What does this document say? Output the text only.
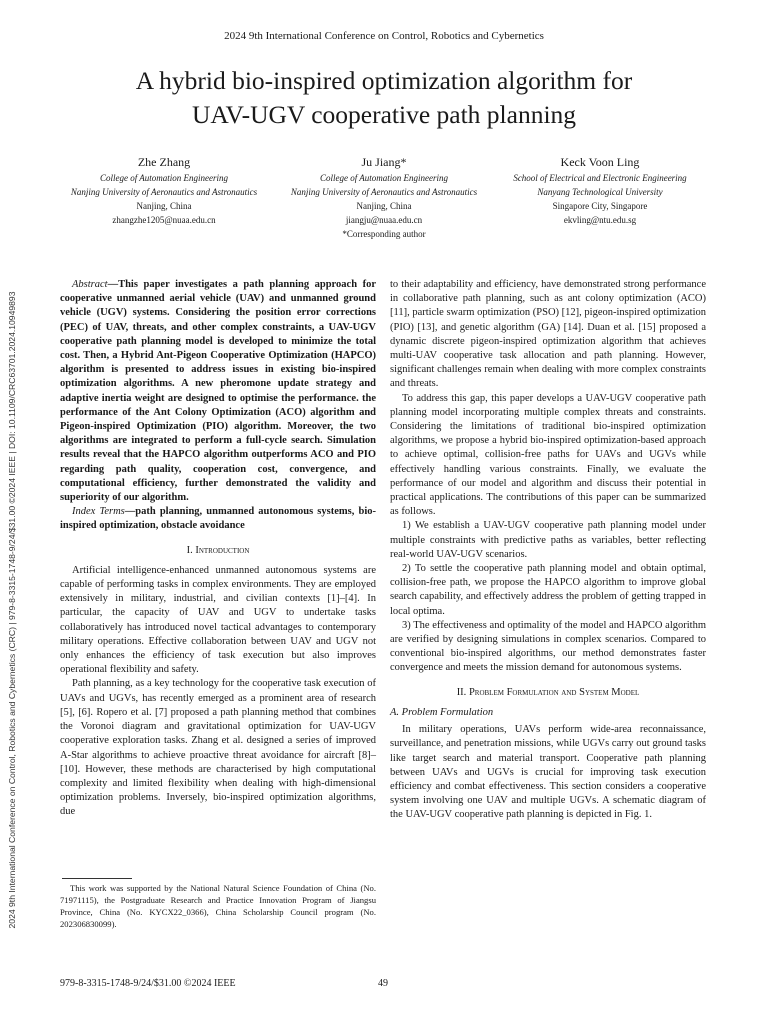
2024 9th International Conference on Control, Robotics and Cybernetics
A hybrid bio-inspired optimization algorithm for
UAV-UGV cooperative path planning
Zhe Zhang
College of Automation Engineering
Nanjing University of Aeronautics and Astronautics
Nanjing, China
zhangzhe1205@nuaa.edu.cn
Ju Jiang*
College of Automation Engineering
Nanjing University of Aeronautics and Astronautics
Nanjing, China
jiangju@nuaa.edu.cn
*Corresponding author
Keck Voon Ling
School of Electrical and Electronic Engineering
Nanyang Technological University
Singapore City, Singapore
ekvling@ntu.edu.sg
2024 9th International Conference on Control, Robotics and Cybernetics (CRC) | 979-8-3315-1748-9/24/$31.00 ©2024 IEEE | DOI: 10.1109/CRC63701.2024.10949893

Abstract—This paper investigates a path planning approach for cooperative unmanned aerial vehicle (UAV) and unmanned ground vehicle (UGV) systems. Considering the position error corrections (PEC) of UAV, threats, and other complex constraints, a UAV-UGV cooperative path planning model is developed to minimize the total cost. Then, a Hybrid Ant-Pigeon Cooperative Optimization (HAPCO) algorithm is presented to address issues in existing bio-inspired optimization algorithms. A new pheromone update strategy and adaptive inertia weight are designed to optimise the performance. the performance of the Ant Colony Optimization (ACO) algorithm and Pigeon-inspired Optimization (PIO) algorithm. Moreover, the two algorithms are integrated to perform a full-cycle search. Simulation results reveal that the HAPCO algorithm outperforms ACO and PIO regarding path quality, cooperation cost, convergence, and computational efficiency, further demonstrated the validity and superiority of our algorithm.

Index Terms—path planning, unmanned autonomous systems, bio-inspired optimization, obstacle avoidance

I. Introduction

Artificial intelligence-enhanced unmanned autonomous systems are capable of performing tasks in complex environments. They are employed extensively in military, industrial, and civilian contexts [1]–[4]. In particular, the capacity of UAV and UGV to undertake tasks collaboratively has introduced novel tactical advantages to contemporary military operations. Effective collaboration between UAV and UGV not only enhances the efficiency of task execution but also improves operational flexibility and safety.

Path planning, as a key technology for the cooperative task execution of UAVs and UGVs, has recently emerged as a prominent area of research [5], [6]. Ropero et al. [7] proposed a path planning method that combines the Voronoi diagram and gravitational optimization for UAV-UGV cooperative exploration tasks. Zhang et al. designed a series of improved A-Star algorithms to achieve proactive threat avoidance for aircraft [8]–[10]. However, these methods are characterised by high computational complexity and limited flexibility when dealing with high-dimensional optimization problems. Inversely, bio-inspired optimization algorithms, due

This work was supported by the National Natural Science Foundation of China (No. 71971115), the Postgraduate Research and Practice Innovation Program of Jiangsu Province, China (No. KYCX22_0366), China Scholarship Council program (No. 202306830099).

to their adaptability and efficiency, have demonstrated strong performance in collaborative path planning, such as ant colony optimization (ACO) [11], particle swarm optimization (PSO) [12], pigeon-inspired optimization (PIO) [13], and genetic algorithm (GA) [14]. Duan et al. [15] proposed a dynamic discrete pigeon-inspired optimization algorithm that achieves multi-UAV cooperative task allocation and path planning. However, significant challenges remain when dealing with more complex constraints and threats.

To address this gap, this paper develops a UAV-UGV cooperative path planning model incorporating multiple complex threats and constraints. Considering the limitations of traditional bio-inspired optimization algorithms, we propose a hybrid bio-inspired optimization-based approach to achieve optimal, collision-free paths for UAVs and UGVs while effectively handling various constraints. Finally, we evaluate the performance of our model and algorithm and discuss their potential in practical applications. The contributions of this paper can be summarized as follows.

1) We establish a UAV-UGV cooperative path planning model under multiple constraints with predictive paths as variables, better reflecting real-world UAV-UGV scenarios.

2) To settle the cooperative path planning model and obtain optimal, collision-free path, we propose the HAPCO algorithm to improve global search capability, and effectively address the problem of getting trapped in local optima.

3) The effectiveness and optimality of the model and HAPCO algorithm are verified by designing simulations in complex scenarios. Compared to conventional bio-inspired algorithms, our method demonstrates faster convergence and meets the mission demand for autonomous systems.

II. Problem Formulation and System Model
A. Problem Formulation

In military operations, UAVs perform wide-area reconnaissance, surveillance, and penetration missions, while UGVs carry out ground tasks like target search and material transport. Cooperative path planning between UAVs and UGVs is crucial for improving task execution efficiency and combat effectiveness. This section considers a cooperative system involving one UAV and multiple UGVs. A schematic diagram of the UAV-UGV cooperative path planning is depicted in Fig. 1.

979-8-3315-1748-9/24/$31.00 ©2024 IEEE	49
